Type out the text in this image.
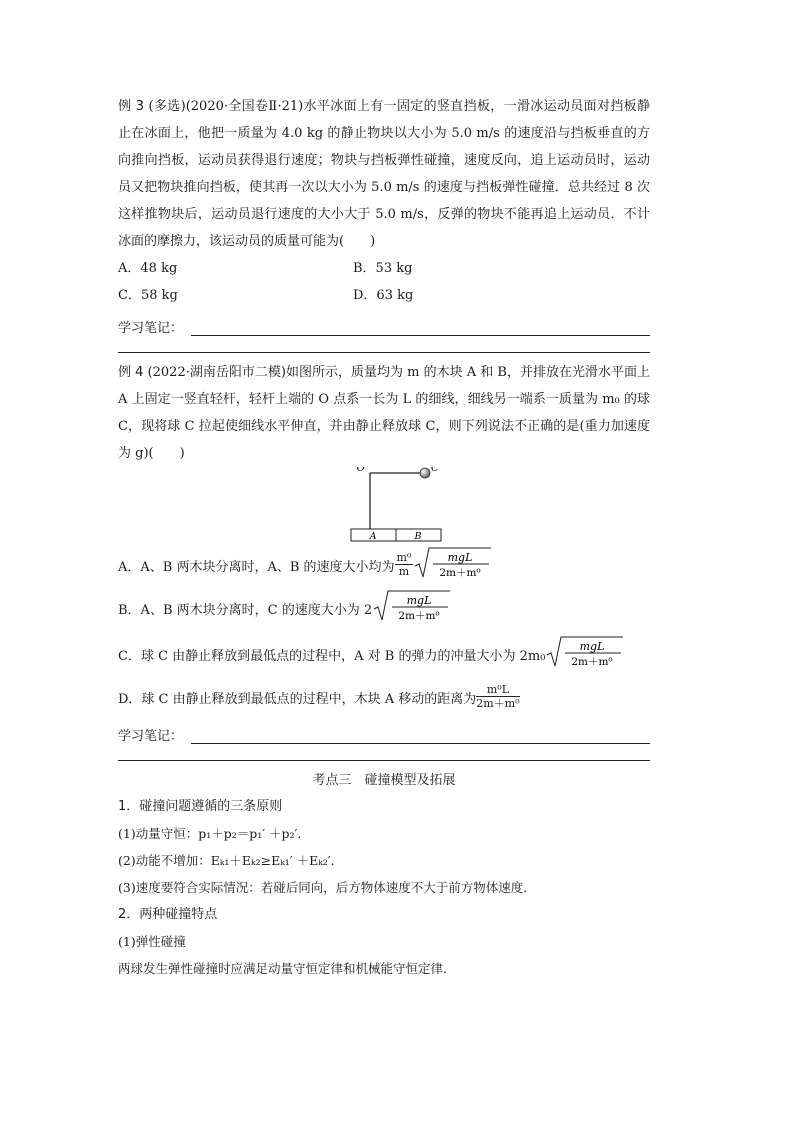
例 3 (多选)(2020·全国卷Ⅱ·21)水平冰面上有一固定的竖直挡板，一滑冰运动员面对挡板静止在冰面上，他把一质量为 4.0 kg 的静止物块以大小为 5.0 m/s 的速度沿与挡板垂直的方向推向挡板，运动员获得退行速度；物块与挡板弹性碰撞，速度反向，追上运动员时，运动员又把物块推向挡板，使其再一次以大小为 5.0 m/s 的速度与挡板弹性碰撞．总共经过 8 次这样推物块后，运动员退行速度的大小大于 5.0 m/s，反弹的物块不能再追上运动员．不计冰面的摩擦力，该运动员的质量可能为(　　)

A．48 kg	B．53 kg
C．58 kg	D．63 kg
学习笔记：

例 4 (2022·湖南岳阳市二模)如图所示，质量均为 m 的木块 A 和 B，并排放在光滑水平面上 A 上固定一竖直轻杆，轻杆上端的 O 点系一长为 L 的细线，细线另一端系一质量为 m₀ 的球 C，现将球 C 拉起使细线水平伸直，并由静止释放球 C，则下列说法不正确的是(重力加速度为 g)(　　)

O	C
A	B
A．A、B 两木块分离时，A、B 的速度大小均为 $\frac{\text{m⁰}}{m}$	mgL
2m＋m⁰
B．A、B 两木块分离时，C 的速度大小为 2
mgL
2m＋m⁰
C．球 C 由静止释放到最低点的过程中，A 对 B 的弹力的冲量大小为 2m₀
mgL
2m＋m⁰
D．球 C 由静止释放到最低点的过程中，木块 A 移动的距离为 $\frac{\text{m⁰L}}{\text{2m＋m⁰}}$
学习笔记：
考点三　碰撞模型及拓展
1．碰撞问题遵循的三条原则
(1)动量守恒：p₁＋p₂＝p₁′ ＋p₂′．
(2)动能不增加：Eₖ₁＋Eₖ₂≥Eₖ₁′ ＋Eₖ₂′．
(3)速度要符合实际情况：若碰后同向，后方物体速度不大于前方物体速度．
2．两种碰撞特点
(1)弹性碰撞
两球发生弹性碰撞时应满足动量守恒定律和机械能守恒定律．
